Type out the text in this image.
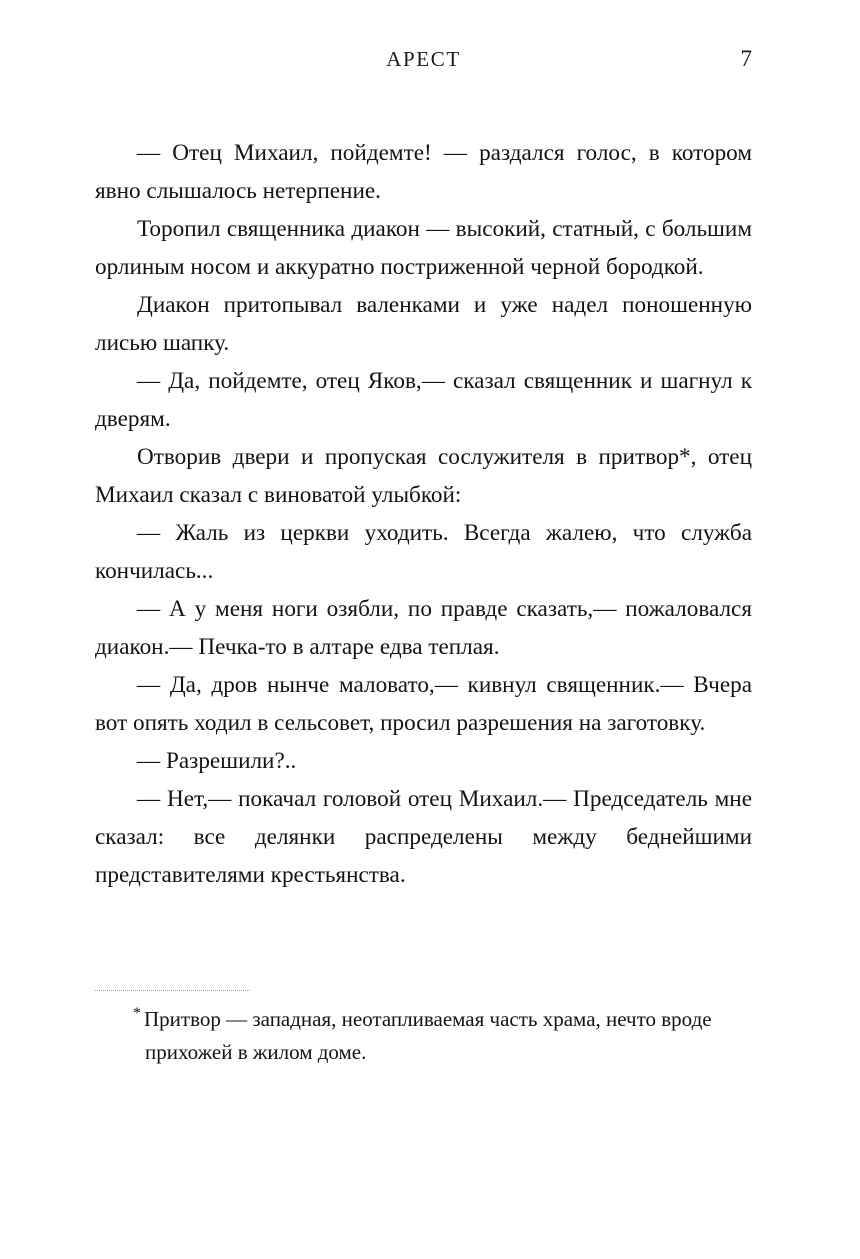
АРЕСТ	7

— Отец Михаил, пойдемте! — раздался голос, в котором явно слышалось нетерпение.

Торопил священника диакон — высокий, статный, с большим орлиным носом и аккуратно постриженной черной бородкой.

Диакон притопывал валенками и уже надел поношенную лисью шапку.

— Да, пойдемте, отец Яков,— сказал священник и шагнул к дверям.

Отворив двери и пропуская сослужителя в притвор*, отец Михаил сказал с виноватой улыбкой:

— Жаль из церкви уходить. Всегда жалею, что служба кончилась...

— А у меня ноги озябли, по правде сказать,— пожаловался диакон.— Печка-то в алтаре едва теплая.

— Да, дров нынче маловато,— кивнул священник.— Вчера вот опять ходил в сельсовет, просил разрешения на заготовку.

— Разрешили?..

— Нет,— покачал головой отец Михаил.— Председатель мне сказал: все делянки распределены между беднейшими представителями крестьянства.

* Притвор — западная, неотапливаемая часть храма, нечто вроде прихожей в жилом доме.
